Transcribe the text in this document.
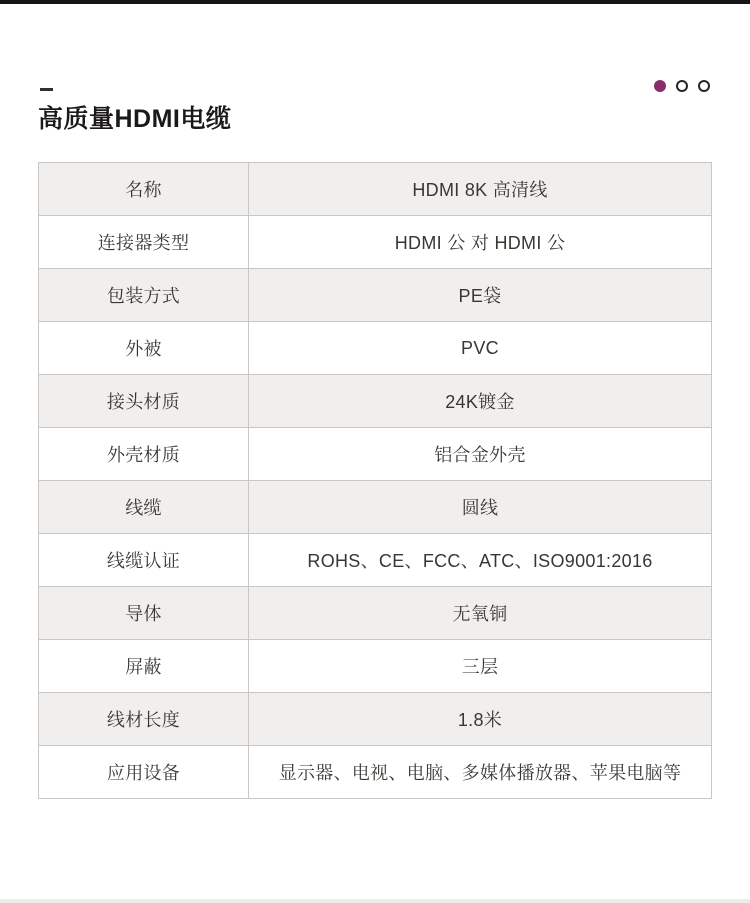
高质量HDMI电缆
名称	HDMI 8K 高清线
连接器类型	HDMI 公 对 HDMI 公
包装方式	PE袋
外被	PVC
接头材质	24K镀金
外壳材质	铝合金外壳
线缆	圆线
线缆认证	ROHS、CE、FCC、ATC、ISO9001:2016
导体	无氧铜
屏蔽	三层
线材长度	1.8米
应用设备	显示器、电视、电脑、多媒体播放器、苹果电脑等
